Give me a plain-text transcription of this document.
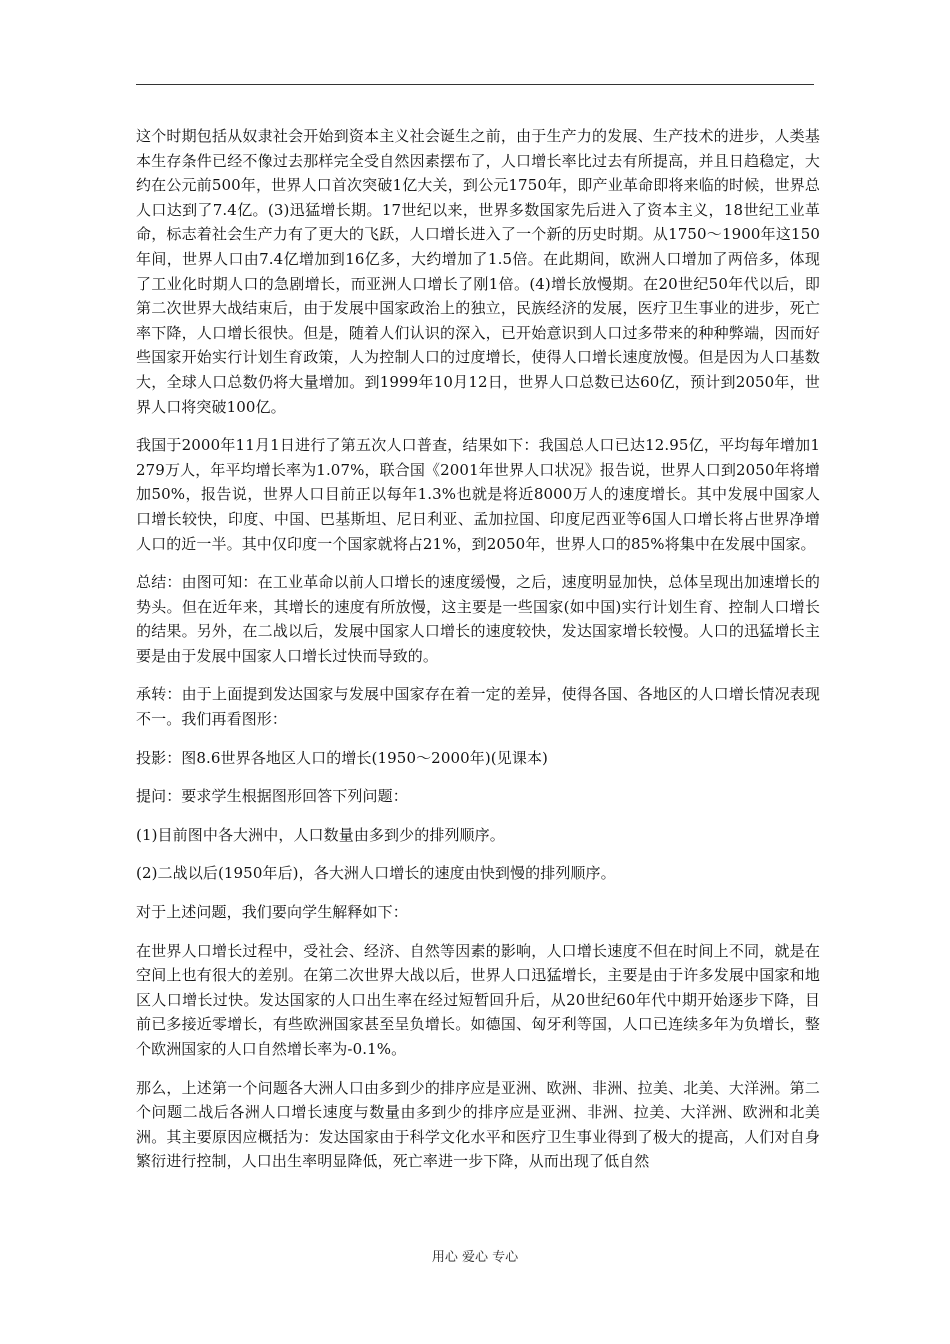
这个时期包括从奴隶社会开始到资本主义社会诞生之前，由于生产力的发展、生产技术的进步，人类基本生存条件已经不像过去那样完全受自然因素摆布了，人口增长率比过去有所提高，并且日趋稳定，大约在公元前500年，世界人口首次突破1亿大关，到公元1750年，即产业革命即将来临的时候，世界总人口达到了7.4亿。(3)迅猛增长期。17世纪以来，世界多数国家先后进入了资本主义，18世纪工业革命，标志着社会生产力有了更大的飞跃，人口增长进入了一个新的历史时期。从1750～1900年这150年间，世界人口由7.4亿增加到16亿多，大约增加了1.5倍。在此期间，欧洲人口增加了两倍多，体现了工业化时期人口的急剧增长，而亚洲人口增长了刚1倍。(4)增长放慢期。在20世纪50年代以后，即第二次世界大战结束后，由于发展中国家政治上的独立，民族经济的发展，医疗卫生事业的进步，死亡率下降，人口增长很快。但是，随着人们认识的深入，已开始意识到人口过多带来的种种弊端，因而好些国家开始实行计划生育政策，人为控制人口的过度增长，使得人口增长速度放慢。但是因为人口基数大，全球人口总数仍将大量增加。到1999年10月12日，世界人口总数已达60亿，预计到2050年，世界人口将突破100亿。

我国于2000年11月1日进行了第五次人口普查，结果如下：我国总人口已达12.95亿，平均每年增加1279万人，年平均增长率为1.07%，联合国《2001年世界人口状况》报告说，世界人口到2050年将增加50%，报告说，世界人口目前正以每年1.3%也就是将近8000万人的速度增长。其中发展中国家人口增长较快，印度、中国、巴基斯坦、尼日利亚、孟加拉国、印度尼西亚等6国人口增长将占世界净增人口的近一半。其中仅印度一个国家就将占21%，到2050年，世界人口的85%将集中在发展中国家。

总结：由图可知：在工业革命以前人口增长的速度缓慢，之后，速度明显加快，总体呈现出加速增长的势头。但在近年来，其增长的速度有所放慢，这主要是一些国家(如中国)实行计划生育、控制人口增长的结果。另外，在二战以后，发展中国家人口增长的速度较快，发达国家增长较慢。人口的迅猛增长主要是由于发展中国家人口增长过快而导致的。

承转：由于上面提到发达国家与发展中国家存在着一定的差异，使得各国、各地区的人口增长情况表现不一。我们再看图形：

投影：图8.6世界各地区人口的增长(1950～2000年)(见课本)

提问：要求学生根据图形回答下列问题：

(1)目前图中各大洲中，人口数量由多到少的排列顺序。

(2)二战以后(1950年后)，各大洲人口增长的速度由快到慢的排列顺序。

对于上述问题，我们要向学生解释如下：

在世界人口增长过程中，受社会、经济、自然等因素的影响，人口增长速度不但在时间上不同，就是在空间上也有很大的差别。在第二次世界大战以后，世界人口迅猛增长，主要是由于许多发展中国家和地区人口增长过快。发达国家的人口出生率在经过短暂回升后，从20世纪60年代中期开始逐步下降，目前已多接近零增长，有些欧洲国家甚至呈负增长。如德国、匈牙利等国，人口已连续多年为负增长，整个欧洲国家的人口自然增长率为-0.1%。

那么，上述第一个问题各大洲人口由多到少的排序应是亚洲、欧洲、非洲、拉美、北美、大洋洲。第二个问题二战后各洲人口增长速度与数量由多到少的排序应是亚洲、非洲、拉美、大洋洲、欧洲和北美洲。其主要原因应概括为：发达国家由于科学文化水平和医疗卫生事业得到了极大的提高，人们对自身繁衍进行控制，人口出生率明显降低，死亡率进一步下降，从而出现了低自然

用心 爱心 专心
